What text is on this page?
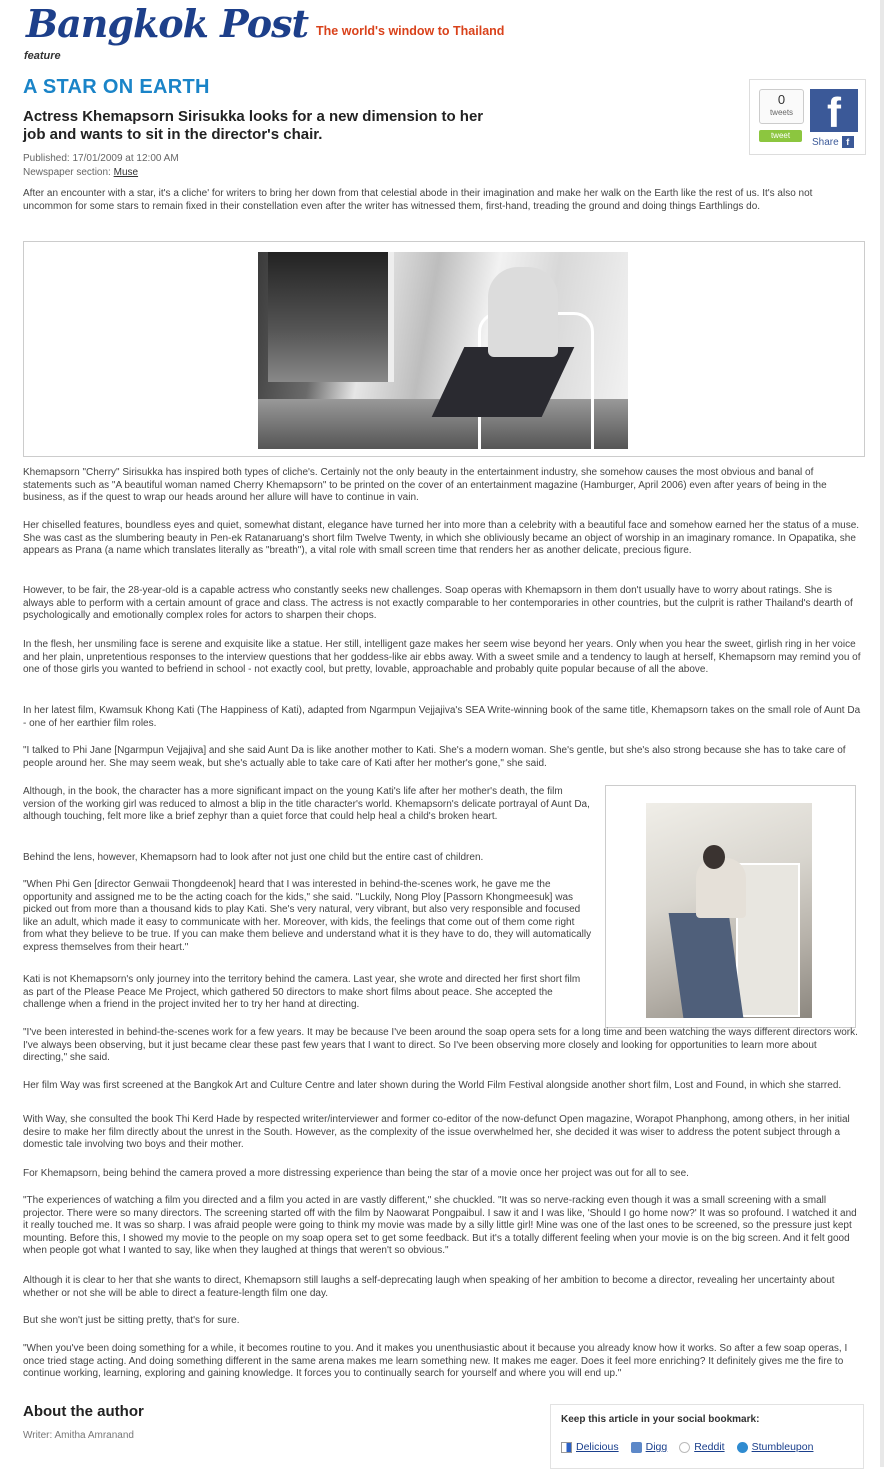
Bangkok Post The world's window to Thailand
feature
A STAR ON EARTH
Actress Khemapsorn Sirisukka looks for a new dimension to her job and wants to sit in the director's chair.
Published: 17/01/2009 at 12:00 AM
Newspaper section: Muse
0
tweets
tweet f
Share f

After an encounter with a star, it's a cliche' for writers to bring her down from that celestial abode in their imagination and make her walk on the Earth like the rest of us. It's also not uncommon for some stars to remain fixed in their constellation even after the writer has witnessed them, first-hand, treading the ground and doing things Earthlings do.

Khemapsorn "Cherry" Sirisukka has inspired both types of cliche's. Certainly not the only beauty in the entertainment industry, she somehow causes the most obvious and banal of statements such as "A beautiful woman named Cherry Khemapsorn" to be printed on the cover of an entertainment magazine (Hamburger, April 2006) even after years of being in the business, as if the quest to wrap our heads around her allure will have to continue in vain.

Her chiselled features, boundless eyes and quiet, somewhat distant, elegance have turned her into more than a celebrity with a beautiful face and somehow earned her the status of a muse. She was cast as the slumbering beauty in Pen-ek Ratanaruang's short film Twelve Twenty, in which she obliviously became an object of worship in an imaginary romance. In Opapatika, she appears as Prana (a name which translates literally as "breath"), a vital role with small screen time that renders her as another delicate, precious figure.

However, to be fair, the 28-year-old is a capable actress who constantly seeks new challenges. Soap operas with Khemapsorn in them don't usually have to worry about ratings. She is always able to perform with a certain amount of grace and class. The actress is not exactly comparable to her contemporaries in other countries, but the culprit is rather Thailand's dearth of psychologically and emotionally complex roles for actors to sharpen their chops.

In the flesh, her unsmiling face is serene and exquisite like a statue. Her still, intelligent gaze makes her seem wise beyond her years. Only when you hear the sweet, girlish ring in her voice and her plain, unpretentious responses to the interview questions that her goddess-like air ebbs away. With a sweet smile and a tendency to laugh at herself, Khemapsorn may remind you of one of those girls you wanted to befriend in school - not exactly cool, but pretty, lovable, approachable and probably quite popular because of all the above.

In her latest film, Kwamsuk Khong Kati (The Happiness of Kati), adapted from Ngarmpun Vejjajiva's SEA Write-winning book of the same title, Khemapsorn takes on the small role of Aunt Da - one of her earthier film roles.

"I talked to Phi Jane [Ngarmpun Vejjajiva] and she said Aunt Da is like another mother to Kati. She's a modern woman. She's gentle, but she's also strong because she has to take care of people around her. She may seem weak, but she's actually able to take care of Kati after her mother's gone," she said.

Although, in the book, the character has a more significant impact on the young Kati's life after her mother's death, the film version of the working girl was reduced to almost a blip in the title character's world. Khemapsorn's delicate portrayal of Aunt Da, although touching, felt more like a brief zephyr than a quiet force that could help heal a child's broken heart.

Behind the lens, however, Khemapsorn had to look after not just one child but the entire cast of children.

"When Phi Gen [director Genwaii Thongdeenok] heard that I was interested in behind-the-scenes work, he gave me the opportunity and assigned me to be the acting coach for the kids," she said. "Luckily, Nong Ploy [Passorn Khongmeesuk] was picked out from more than a thousand kids to play Kati. She's very natural, very vibrant, but also very responsible and focused like an adult, which made it easy to communicate with her. Moreover, with kids, the feelings that come out of them come right from what they believe to be true. If you can make them believe and understand what it is they have to do, they will automatically express themselves from their heart."

Kati is not Khemapsorn's only journey into the territory behind the camera. Last year, she wrote and directed her first short film as part of the Please Peace Me Project, which gathered 50 directors to make short films about peace. She accepted the challenge when a friend in the project invited her to try her hand at directing.

"I've been interested in behind-the-scenes work for a few years. It may be because I've been around the soap opera sets for a long time and been watching the ways different directors work. I've always been observing, but it just became clear these past few years that I want to direct. So I've been observing more closely and looking for opportunities to learn more about directing," she said.

Her film Way was first screened at the Bangkok Art and Culture Centre and later shown during the World Film Festival alongside another short film, Lost and Found, in which she starred.

With Way, she consulted the book Thi Kerd Hade by respected writer/interviewer and former co-editor of the now-defunct Open magazine, Worapot Phanphong, among others, in her initial desire to make her film directly about the unrest in the South. However, as the complexity of the issue overwhelmed her, she decided it was wiser to address the potent subject through a domestic tale involving two boys and their mother.

For Khemapsorn, being behind the camera proved a more distressing experience than being the star of a movie once her project was out for all to see.

"The experiences of watching a film you directed and a film you acted in are vastly different," she chuckled. "It was so nerve-racking even though it was a small screening with a small projector. There were so many directors. The screening started off with the film by Naowarat Pongpaibul. I saw it and I was like, 'Should I go home now?' It was so profound. I watched it and it really touched me. It was so sharp. I was afraid people were going to think my movie was made by a silly little girl! Mine was one of the last ones to be screened, so the pressure just kept mounting. Before this, I showed my movie to the people on my soap opera set to get some feedback. But it's a totally different feeling when your movie is on the big screen. And it felt good when people got what I wanted to say, like when they laughed at things that weren't so obvious."

Although it is clear to her that she wants to direct, Khemapsorn still laughs a self-deprecating laugh when speaking of her ambition to become a director, revealing her uncertainty about whether or not she will be able to direct a feature-length film one day.

But she won't just be sitting pretty, that's for sure.

"When you've been doing something for a while, it becomes routine to you. And it makes you unenthusiastic about it because you already know how it works. So after a few soap operas, I once tried stage acting. And doing something different in the same arena makes me learn something new. It makes me eager. Does it feel more enriching? It definitely gives me the fire to continue working, learning, exploring and gaining knowledge. It forces you to continually search for yourself and where you will end up."

About the author
Writer: Amitha Amranand
Keep this article in your social bookmark:
Delicious	Digg	Reddit	Stumbleupon
